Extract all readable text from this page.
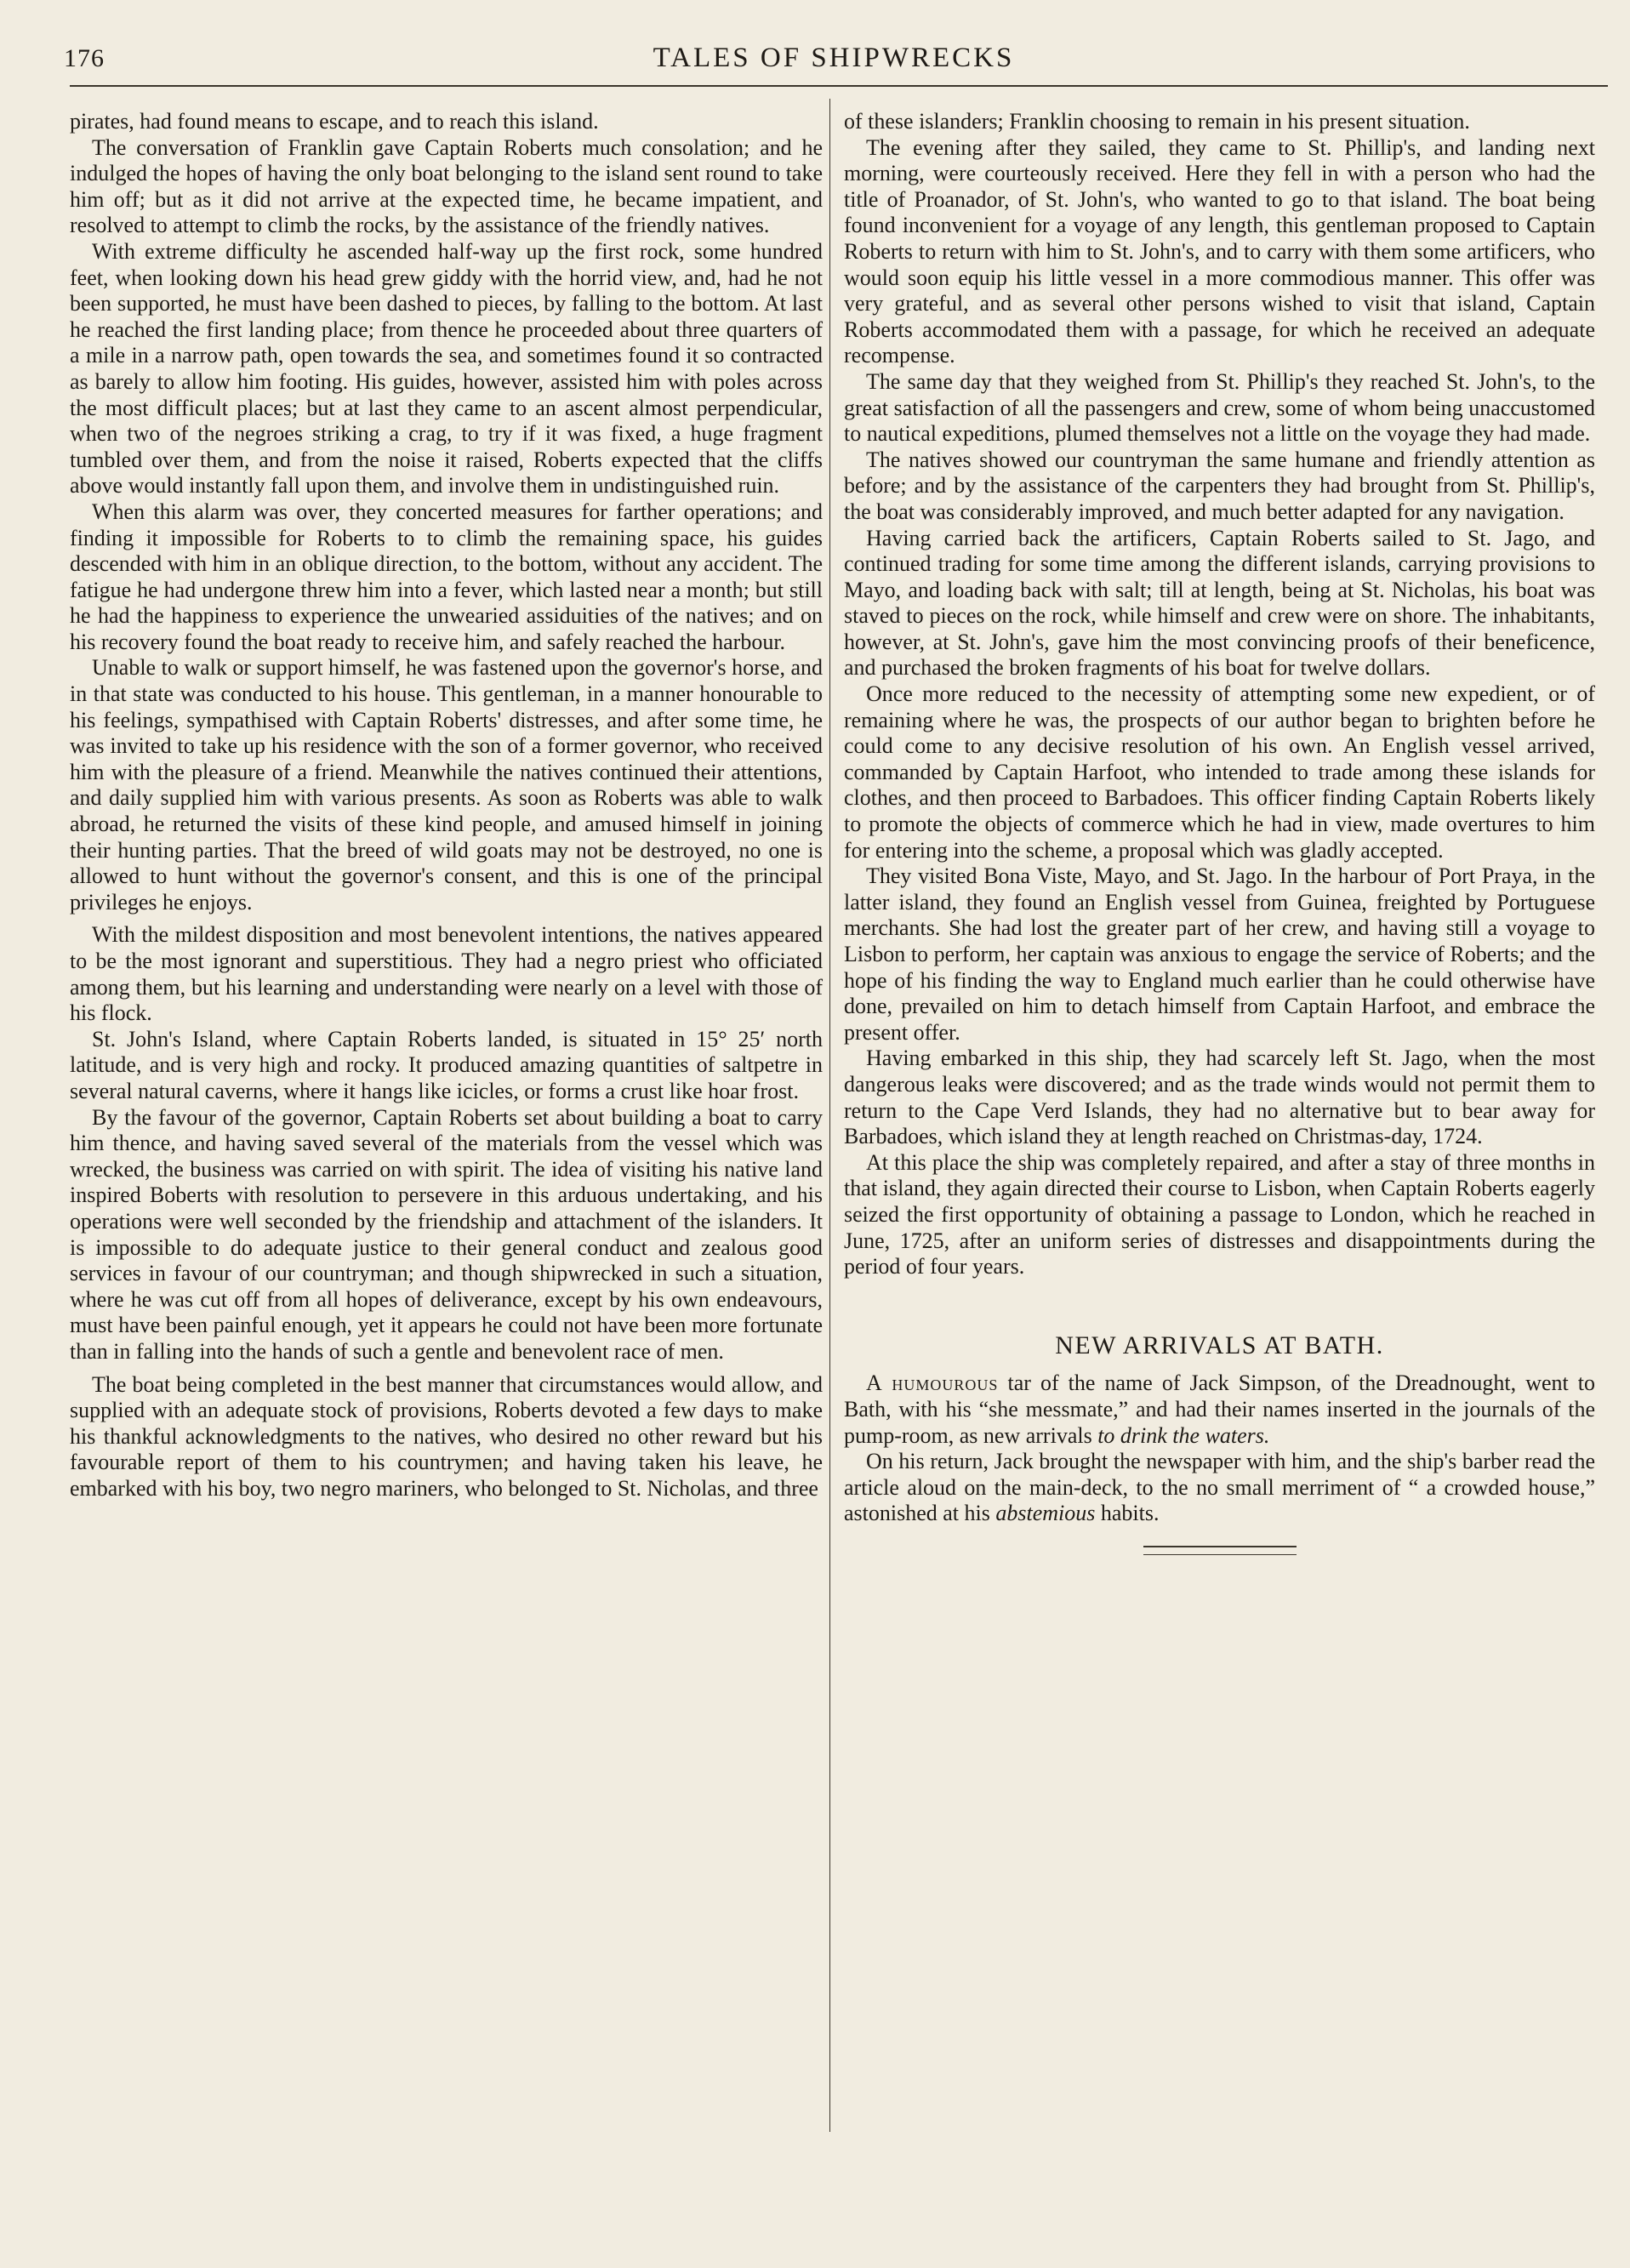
176	TALES OF SHIPWRECKS

pirates, had found means to escape, and to reach this island.

The conversation of Franklin gave Captain Roberts much consolation; and he indulged the hopes of having the only boat belonging to the island sent round to take him off; but as it did not arrive at the expected time, he became impatient, and resolved to attempt to climb the rocks, by the assistance of the friendly natives.

With extreme difficulty he ascended half-way up the first rock, some hundred feet, when looking down his head grew giddy with the horrid view, and, had he not been supported, he must have been dashed to pieces, by falling to the bottom. At last he reached the first landing place; from thence he proceeded about three quarters of a mile in a narrow path, open towards the sea, and sometimes found it so contracted as barely to allow him footing. His guides, however, assisted him with poles across the most difficult places; but at last they came to an ascent almost perpendicular, when two of the negroes striking a crag, to try if it was fixed, a huge fragment tumbled over them, and from the noise it raised, Roberts expected that the cliffs above would instantly fall upon them, and involve them in undistinguished ruin.

When this alarm was over, they concerted measures for farther operations; and finding it impossible for Roberts to to climb the remaining space, his guides descended with him in an oblique direction, to the bottom, without any accident. The fatigue he had undergone threw him into a fever, which lasted near a month; but still he had the happiness to experience the unwearied assiduities of the natives; and on his recovery found the boat ready to receive him, and safely reached the harbour.

Unable to walk or support himself, he was fastened upon the governor's horse, and in that state was conducted to his house. This gentleman, in a manner honourable to his feelings, sympathised with Captain Roberts' distresses, and after some time, he was invited to take up his residence with the son of a former governor, who received him with the pleasure of a friend. Meanwhile the natives continued their attentions, and daily supplied him with various presents. As soon as Roberts was able to walk abroad, he returned the visits of these kind people, and amused himself in joining their hunting parties. That the breed of wild goats may not be destroyed, no one is allowed to hunt without the governor's consent, and this is one of the principal privileges he enjoys.

With the mildest disposition and most benevolent intentions, the natives appeared to be the most ignorant and superstitious. They had a negro priest who officiated among them, but his learning and understanding were nearly on a level with those of his flock.

St. John's Island, where Captain Roberts landed, is situated in 15° 25′ north latitude, and is very high and rocky. It produced amazing quantities of saltpetre in several natural caverns, where it hangs like icicles, or forms a crust like hoar frost.

By the favour of the governor, Captain Roberts set about building a boat to carry him thence, and having saved several of the materials from the vessel which was wrecked, the business was carried on with spirit. The idea of visiting his native land inspired Boberts with resolution to persevere in this arduous undertaking, and his operations were well seconded by the friendship and attachment of the islanders. It is impossible to do adequate justice to their general conduct and zealous good services in favour of our countryman; and though shipwrecked in such a situation, where he was cut off from all hopes of deliverance, except by his own endeavours, must have been painful enough, yet it appears he could not have been more fortunate than in falling into the hands of such a gentle and benevolent race of men.

The boat being completed in the best manner that circumstances would allow, and supplied with an adequate stock of provisions, Roberts devoted a few days to make his thankful acknowledgments to the natives, who desired no other reward but his favourable report of them to his countrymen; and having taken his leave, he embarked with his boy, two negro mariners, who belonged to St. Nicholas, and three

of these islanders; Franklin choosing to remain in his present situation.

The evening after they sailed, they came to St. Phillip's, and landing next morning, were courteously received. Here they fell in with a person who had the title of Proanador, of St. John's, who wanted to go to that island. The boat being found inconvenient for a voyage of any length, this gentleman proposed to Captain Roberts to return with him to St. John's, and to carry with them some artificers, who would soon equip his little vessel in a more commodious manner. This offer was very grateful, and as several other persons wished to visit that island, Captain Roberts accommodated them with a passage, for which he received an adequate recompense.

The same day that they weighed from St. Phillip's they reached St. John's, to the great satisfaction of all the passengers and crew, some of whom being unaccustomed to nautical expeditions, plumed themselves not a little on the voyage they had made.

The natives showed our countryman the same humane and friendly attention as before; and by the assistance of the carpenters they had brought from St. Phillip's, the boat was considerably improved, and much better adapted for any navigation.

Having carried back the artificers, Captain Roberts sailed to St. Jago, and continued trading for some time among the different islands, carrying provisions to Mayo, and loading back with salt; till at length, being at St. Nicholas, his boat was staved to pieces on the rock, while himself and crew were on shore. The inhabitants, however, at St. John's, gave him the most convincing proofs of their beneficence, and purchased the broken fragments of his boat for twelve dollars.

Once more reduced to the necessity of attempting some new expedient, or of remaining where he was, the prospects of our author began to brighten before he could come to any decisive resolution of his own. An English vessel arrived, commanded by Captain Harfoot, who intended to trade among these islands for clothes, and then proceed to Barbadoes. This officer finding Captain Roberts likely to promote the objects of commerce which he had in view, made overtures to him for entering into the scheme, a proposal which was gladly accepted.

They visited Bona Viste, Mayo, and St. Jago. In the harbour of Port Praya, in the latter island, they found an English vessel from Guinea, freighted by Portuguese merchants. She had lost the greater part of her crew, and having still a voyage to Lisbon to perform, her captain was anxious to engage the service of Roberts; and the hope of his finding the way to England much earlier than he could otherwise have done, prevailed on him to detach himself from Captain Harfoot, and embrace the present offer.

Having embarked in this ship, they had scarcely left St. Jago, when the most dangerous leaks were discovered; and as the trade winds would not permit them to return to the Cape Verd Islands, they had no alternative but to bear away for Barbadoes, which island they at length reached on Christmas-day, 1724.

At this place the ship was completely repaired, and after a stay of three months in that island, they again directed their course to Lisbon, when Captain Roberts eagerly seized the first opportunity of obtaining a passage to London, which he reached in June, 1725, after an uniform series of distresses and disappointments during the period of four years.

NEW ARRIVALS AT BATH.

A humourous tar of the name of Jack Simpson, of the Dreadnought, went to Bath, with his “she messmate,” and had their names inserted in the journals of the pump-room, as new arrivals to drink the waters.

On his return, Jack brought the newspaper with him, and the ship's barber read the article aloud on the main-deck, to the no small merriment of “ a crowded house,” astonished at his abstemious habits.
